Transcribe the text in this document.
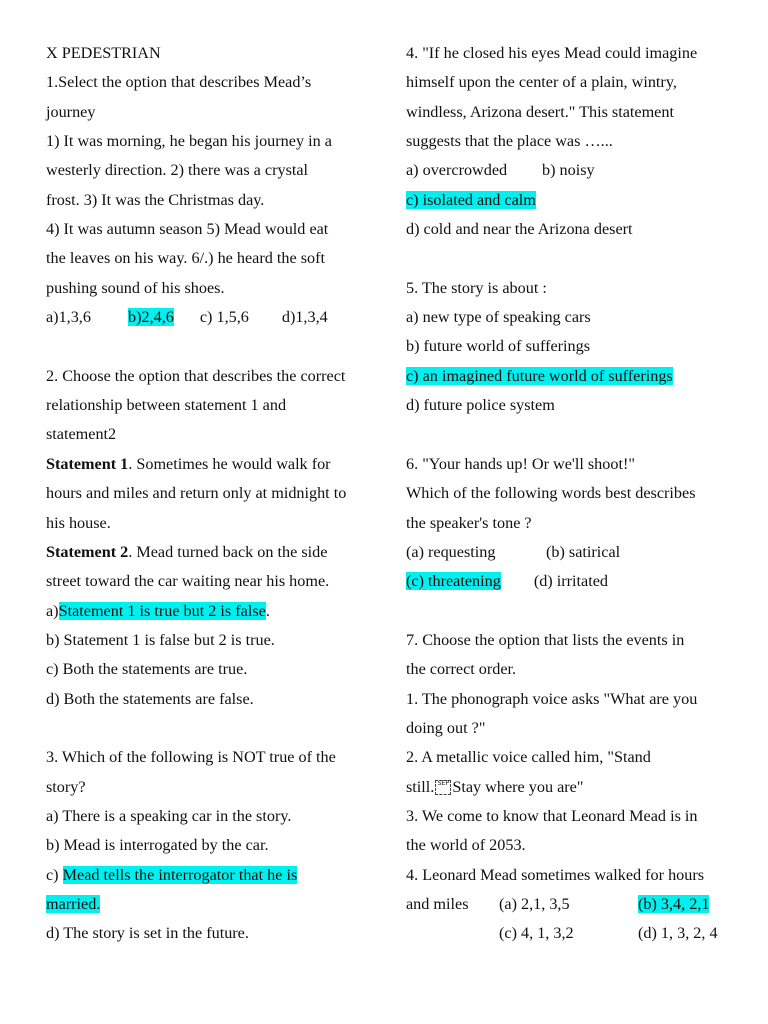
X PEDESTRIAN
1.Select the option that describes Mead’s
journey
1) It was morning, he began his journey in a
westerly direction. 2) there was a crystal
frost. 3) It was the Christmas day.
4) It was autumn season 5) Mead would eat
the leaves on his way. 6/.) he heard the soft
pushing sound of his shoes.
a)1,3,6 b)2,4,6 c) 1,5,6 d)1,3,4
2. Choose the option that describes the correct
relationship between statement 1 and
statement2
Statement 1. Sometimes he would walk for
hours and miles and return only at midnight to
his house.
Statement 2. Mead turned back on the side
street toward the car waiting near his home.
a)Statement 1 is true but 2 is false.
b) Statement 1 is false but 2 is true.
c) Both the statements are true.
d) Both the statements are false.
3. Which of the following is NOT true of the
story?
a) There is a speaking car in the story.
b) Mead is interrogated by the car.
c) Mead tells the interrogator that he is
married.
d) The story is set in the future.
4. "If he closed his eyes Mead could imagine
himself upon the center of a plain, wintry,
windless, Arizona desert." This statement
suggests that the place was …...
a) overcrowded b) noisy
c) isolated and calm
d) cold and near the Arizona desert
5. The story is about :
a) new type of speaking cars
b) future world of sufferings
c) an imagined future world of sufferings
d) future police system
6. "Your hands up! Or we'll shoot!"
Which of the following words best describes
the speaker's tone ?
(a) requesting	(b) satirical
(c) threatening (d) irritated
7. Choose the option that lists the events in
the correct order.
1. The phonograph voice asks "What are you
doing out ?"
2. A metallic voice called him, "Stand
still. SEP Stay where you are"
3. We come to know that Leonard Mead is in
the world of 2053.
4. Leonard Mead sometimes walked for hours
and miles (a) 2,1, 3,5	(b) 3,4, 2,1
(c) 4, 1, 3,2	(d) 1, 3, 2, 4
